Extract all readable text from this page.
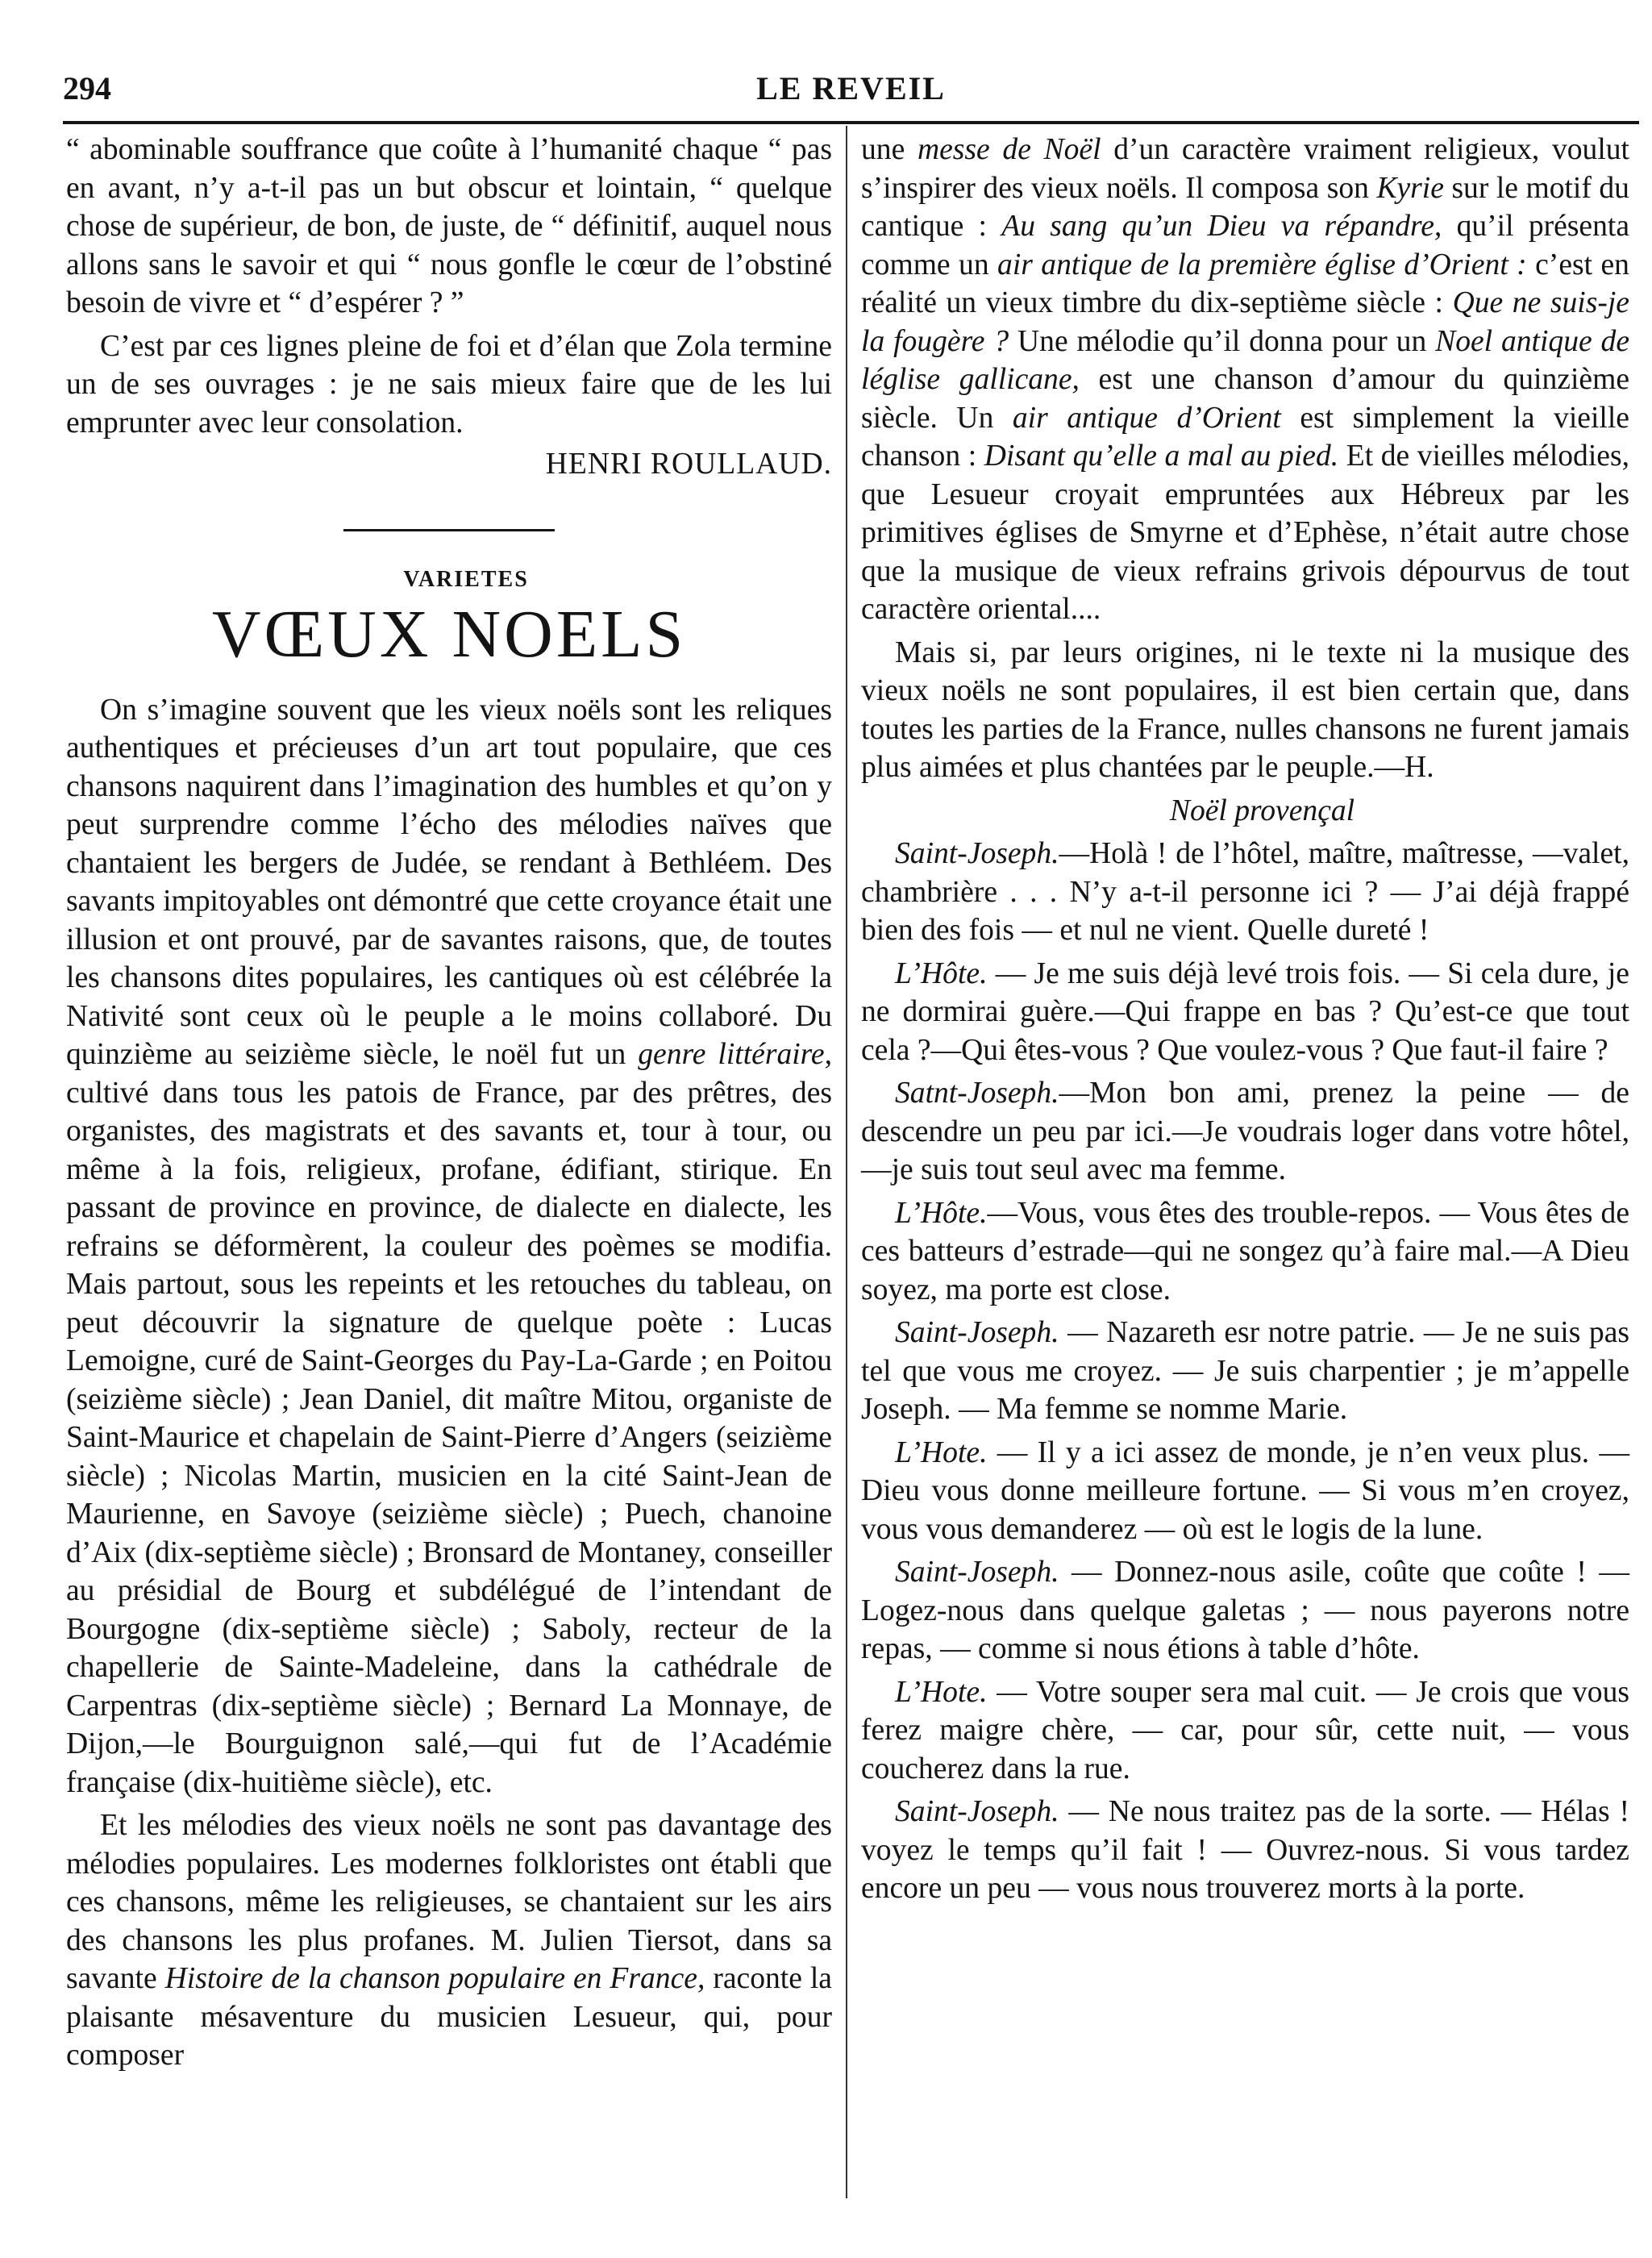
294	LE REVEIL

“ abominable souffrance que coûte à l’humanité chaque “ pas en avant, n’y a-t-il pas un but obscur et lointain, “ quelque chose de supérieur, de bon, de juste, de “ définitif, auquel nous allons sans le savoir et qui “ nous gonfle le cœur de l’obstiné besoin de vivre et “ d’espérer ? ”

C’est par ces lignes pleine de foi et d’élan que Zola termine un de ses ouvrages : je ne sais mieux faire que de les lui emprunter avec leur consolation.

HENRI ROULLAUD.

VARIETES

VŒUX NOELS

On s’imagine souvent que les vieux noëls sont les reliques authentiques et précieuses d’un art tout populaire, que ces chansons naquirent dans l’imagination des humbles et qu’on y peut surprendre comme l’écho des mélodies naïves que chantaient les bergers de Judée, se rendant à Bethléem. Des savants impitoyables ont démontré que cette croyance était une illusion et ont prouvé, par de savantes raisons, que, de toutes les chansons dites populaires, les cantiques où est célébrée la Nativité sont ceux où le peuple a le moins collaboré. Du quinzième au seizième siècle, le noël fut un genre littéraire, cultivé dans tous les patois de France, par des prêtres, des organistes, des magistrats et des savants et, tour à tour, ou même à la fois, religieux, profane, édifiant, stirique. En passant de province en province, de dialecte en dialecte, les refrains se déformèrent, la couleur des poèmes se modifia. Mais partout, sous les repeints et les retouches du tableau, on peut découvrir la signature de quelque poète : Lucas Lemoigne, curé de Saint-Georges du Pay-La-Garde ; en Poitou (seizième siècle) ; Jean Daniel, dit maître Mitou, organiste de Saint-Maurice et chapelain de Saint-Pierre d’Angers (seizième siècle) ; Nicolas Martin, musicien en la cité Saint-Jean de Maurienne, en Savoye (seizième siècle) ; Puech, chanoine d’Aix (dix-septième siècle) ; Bronsard de Montaney, conseiller au présidial de Bourg et subdélégué de l’intendant de Bourgogne (dix-septième siècle) ; Saboly, recteur de la chapellerie de Sainte-Madeleine, dans la cathédrale de Carpentras (dix-septième siècle) ; Bernard La Monnaye, de Dijon,—le Bourguignon salé,—qui fut de l’Académie française (dix-huitième siècle), etc.

Et les mélodies des vieux noëls ne sont pas davantage des mélodies populaires. Les modernes folkloristes ont établi que ces chansons, même les religieuses, se chantaient sur les airs des chansons les plus profanes. M. Julien Tiersot, dans sa savante Histoire de la chanson populaire en France, raconte la plaisante mésaventure du musicien Lesueur, qui, pour composer

une messe de Noël d’un caractère vraiment religieux, voulut s’inspirer des vieux noëls. Il composa son Kyrie sur le motif du cantique : Au sang qu’un Dieu va répandre, qu’il présenta comme un air antique de la première église d’Orient : c’est en réalité un vieux timbre du dix-septième siècle : Que ne suis-je la fougère ? Une mélodie qu’il donna pour un Noel antique de léglise gallicane, est une chanson d’amour du quinzième siècle. Un air antique d’Orient est simplement la vieille chanson : Disant qu’elle a mal au pied. Et de vieilles mélodies, que Lesueur croyait empruntées aux Hébreux par les primitives églises de Smyrne et d’Ephèse, n’était autre chose que la musique de vieux refrains grivois dépourvus de tout caractère oriental....

Mais si, par leurs origines, ni le texte ni la musique des vieux noëls ne sont populaires, il est bien certain que, dans toutes les parties de la France, nulles chansons ne furent jamais plus aimées et plus chantées par le peuple.—H.

Noël provençal

Saint-Joseph.—Holà ! de l’hôtel, maître, maîtresse, —valet, chambrière . . . N’y a-t-il personne ici ? — J’ai déjà frappé bien des fois — et nul ne vient. Quelle dureté !

L’Hôte. — Je me suis déjà levé trois fois. — Si cela dure, je ne dormirai guère.—Qui frappe en bas ? Qu’est-ce que tout cela ?—Qui êtes-vous ? Que voulez-vous ? Que faut-il faire ?

Satnt-Joseph.—Mon bon ami, prenez la peine — de descendre un peu par ici.—Je voudrais loger dans votre hôtel,—je suis tout seul avec ma femme.

L’Hôte.—Vous, vous êtes des trouble-repos. — Vous êtes de ces batteurs d’estrade—qui ne songez qu’à faire mal.—A Dieu soyez, ma porte est close.

Saint-Joseph. — Nazareth esr notre patrie. — Je ne suis pas tel que vous me croyez. — Je suis charpentier ; je m’appelle Joseph. — Ma femme se nomme Marie.

L’Hote. — Il y a ici assez de monde, je n’en veux plus. — Dieu vous donne meilleure fortune. — Si vous m’en croyez, vous vous demanderez — où est le logis de la lune.

Saint-Joseph. — Donnez-nous asile, coûte que coûte ! — Logez-nous dans quelque galetas ; — nous payerons notre repas, — comme si nous étions à table d’hôte.

L’Hote. — Votre souper sera mal cuit. — Je crois que vous ferez maigre chère, — car, pour sûr, cette nuit, — vous coucherez dans la rue.

Saint-Joseph. — Ne nous traitez pas de la sorte. — Hélas ! voyez le temps qu’il fait ! — Ouvrez-nous. Si vous tardez encore un peu — vous nous trouverez morts à la porte.
